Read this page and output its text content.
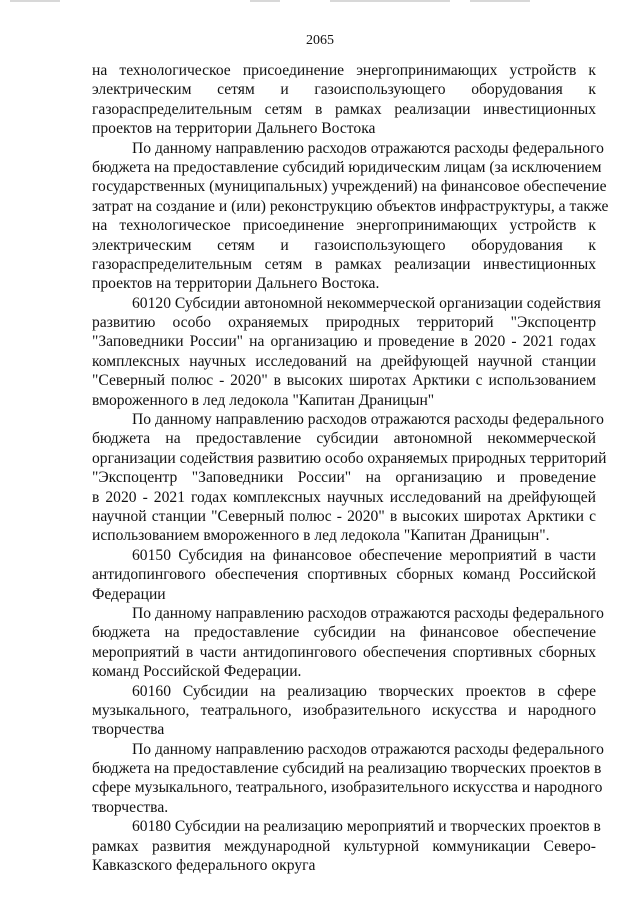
2065

на технологическое присоединение энергопринимающих устройств к
электрическим сетям и газоиспользующего оборудования к
газораспределительным сетям в рамках реализации инвестиционных
проектов на территории Дальнего Востока

По данному направлению расходов отражаются расходы федерального
бюджета на предоставление субсидий юридическим лицам (за исключением
государственных (муниципальных) учреждений) на финансовое обеспечение
затрат на создание и (или) реконструкцию объектов инфраструктуры, а также
на технологическое присоединение энергопринимающих устройств к
электрическим сетям и газоиспользующего оборудования к
газораспределительным сетям в рамках реализации инвестиционных
проектов на территории Дальнего Востока.

60120 Субсидии автономной некоммерческой организации содействия
развитию особо охраняемых природных территорий "Экспоцентр
"Заповедники России" на организацию и проведение в 2020 - 2021 годах
комплексных научных исследований на дрейфующей научной станции
"Северный полюс - 2020" в высоких широтах Арктики с использованием
вмороженного в лед ледокола "Капитан Драницын"

По данному направлению расходов отражаются расходы федерального
бюджета на предоставление субсидии автономной некоммерческой
организации содействия развитию особо охраняемых природных территорий
"Экспоцентр "Заповедники России" на организацию и проведение
в 2020 - 2021 годах комплексных научных исследований на дрейфующей
научной станции "Северный полюс - 2020" в высоких широтах Арктики с
использованием вмороженного в лед ледокола "Капитан Драницын".

60150 Субсидия на финансовое обеспечение мероприятий в части
антидопингового обеспечения спортивных сборных команд Российской
Федерации

По данному направлению расходов отражаются расходы федерального
бюджета на предоставление субсидии на финансовое обеспечение
мероприятий в части антидопингового обеспечения спортивных сборных
команд Российской Федерации.

60160 Субсидии на реализацию творческих проектов в сфере
музыкального, театрального, изобразительного искусства и народного
творчества

По данному направлению расходов отражаются расходы федерального
бюджета на предоставление субсидий на реализацию творческих проектов в
сфере музыкального, театрального, изобразительного искусства и народного
творчества.

60180 Субсидии на реализацию мероприятий и творческих проектов в
рамках развития международной культурной коммуникации Северо-
Кавказского федерального округа
